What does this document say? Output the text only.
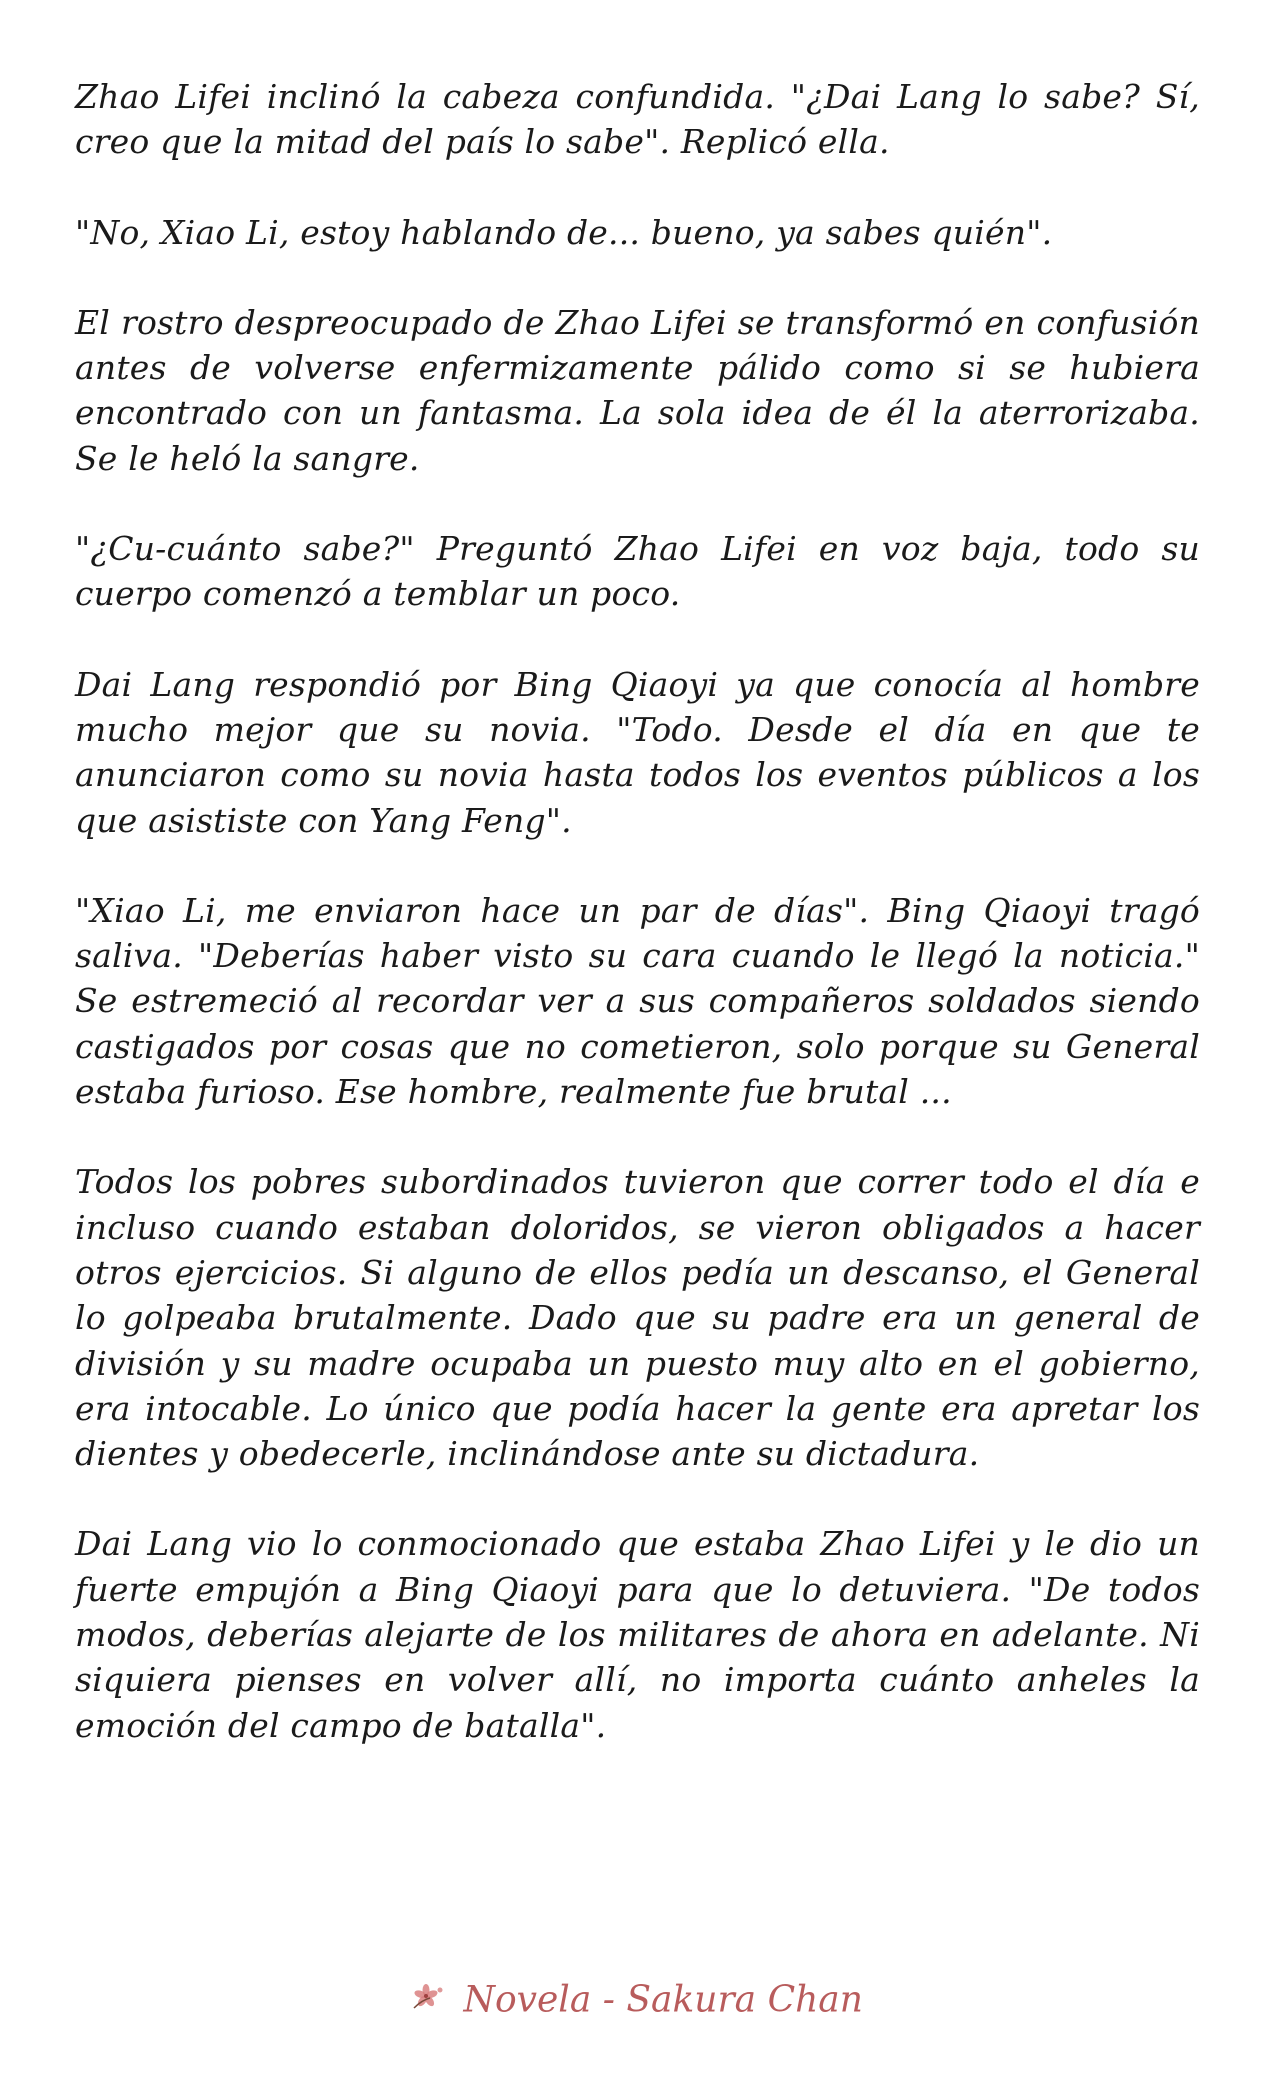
Zhao Lifei inclinó la cabeza confundida. "¿Dai Lang lo sabe? Sí, creo que la mitad del país lo sabe". Replicó ella.

"No, Xiao Li, estoy hablando de... bueno, ya sabes quién".

El rostro despreocupado de Zhao Lifei se transformó en confusión antes de volverse enfermizamente pálido como si se hubiera encontrado con un fantasma. La sola idea de él la aterrorizaba. Se le heló la sangre.

"¿Cu-cuánto sabe?" Preguntó Zhao Lifei en voz baja, todo su cuerpo comenzó a temblar un poco.

Dai Lang respondió por Bing Qiaoyi ya que conocía al hombre mucho mejor que su novia. "Todo. Desde el día en que te anunciaron como su novia hasta todos los eventos públicos a los que asististe con Yang Feng".

"Xiao Li, me enviaron hace un par de días". Bing Qiaoyi tragó saliva. "Deberías haber visto su cara cuando le llegó la noticia." Se estremeció al recordar ver a sus compañeros soldados siendo castigados por cosas que no cometieron, solo porque su General estaba furioso. Ese hombre, realmente fue brutal ...

Todos los pobres subordinados tuvieron que correr todo el día e incluso cuando estaban doloridos, se vieron obligados a hacer otros ejercicios. Si alguno de ellos pedía un descanso, el General lo golpeaba brutalmente. Dado que su padre era un general de división y su madre ocupaba un puesto muy alto en el gobierno, era intocable. Lo único que podía hacer la gente era apretar los dientes y obedecerle, inclinándose ante su dictadura.

Dai Lang vio lo conmocionado que estaba Zhao Lifei y le dio un fuerte empujón a Bing Qiaoyi para que lo detuviera. "De todos modos, deberías alejarte de los militares de ahora en adelante. Ni siquiera pienses en volver allí, no importa cuánto anheles la emoción del campo de batalla".

Novela - Sakura Chan
